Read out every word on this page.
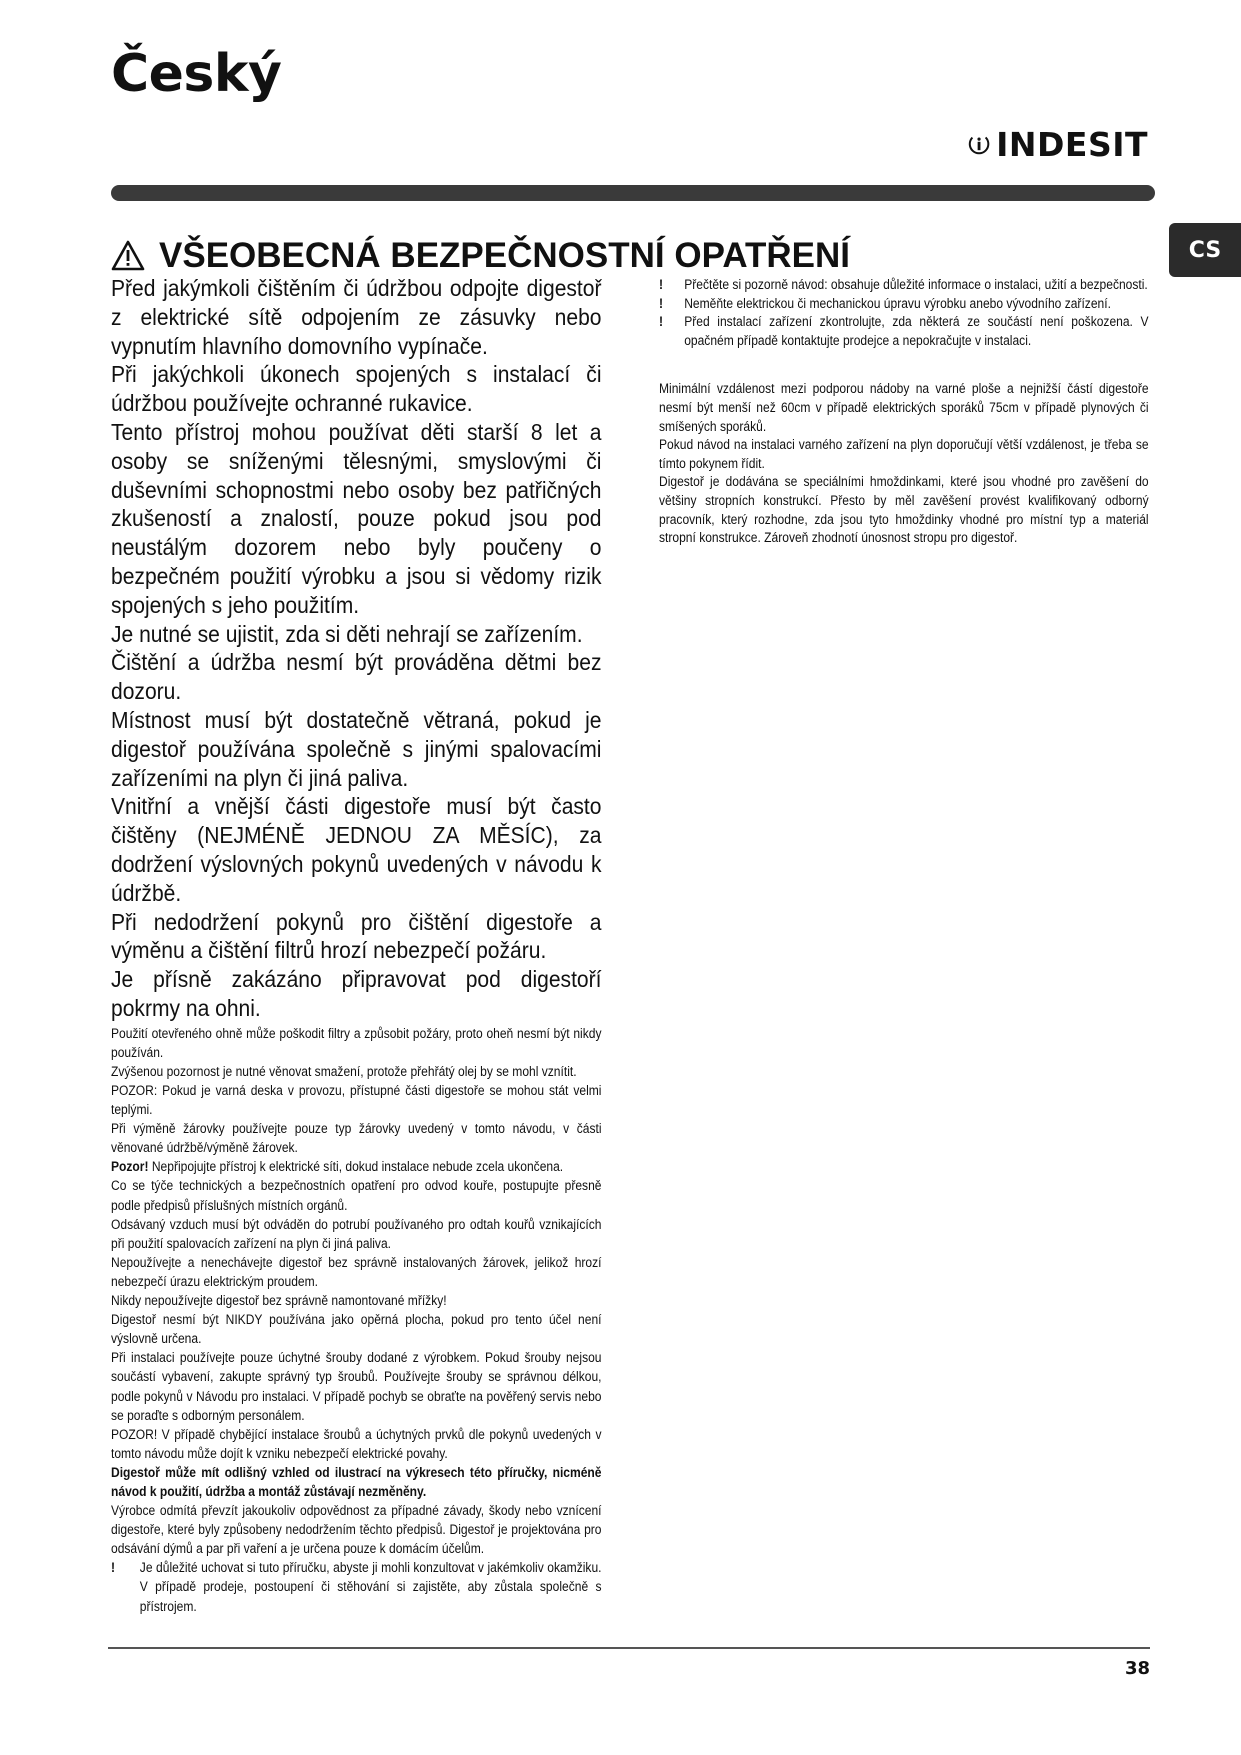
Český
INDESIT
CS
VŠEOBECNÁ BEZPEČNOSTNÍ OPATŘENÍ

Před jakýmkoli čištěním či údržbou odpojte digestoř z elektrické sítě odpojením ze zásuvky nebo vypnutím hlavního domovního vypínače.

Při jakýchkoli úkonech spojených s instalací či údržbou používejte ochranné rukavice.

Tento přístroj mohou používat děti starší 8 let a osoby se sníženými tělesnými, smyslovými či duševními schopnostmi nebo osoby bez patřičných zkušeností a znalostí, pouze pokud jsou pod neustálým dozorem nebo byly poučeny o bezpečném použití výrobku a jsou si vědomy rizik spojených s jeho použitím.

Je nutné se ujistit, zda si děti nehrají se zařízením.

Čištění a údržba nesmí být prováděna dětmi bez dozoru.

Místnost musí být dostatečně větraná, pokud je digestoř používána společně s jinými spalovacími zařízeními na plyn či jiná paliva.

Vnitřní a vnější části digestoře musí být často čištěny (NEJMÉNĚ JEDNOU ZA MĚSÍC), za dodržení výslovných pokynů uvedených v návodu k údržbě.

Při nedodržení pokynů pro čištění digestoře a výměnu a čištění filtrů hrozí nebezpečí požáru.

Je přísně zakázáno připravovat pod digestoří pokrmy na ohni.

Použití otevřeného ohně může poškodit filtry a způsobit požáry, proto oheň nesmí být nikdy používán.

Zvýšenou pozornost je nutné věnovat smažení, protože přehřátý olej by se mohl vznítit.

POZOR: Pokud je varná deska v provozu, přístupné části digestoře se mohou stát velmi teplými.

Při výměně žárovky používejte pouze typ žárovky uvedený v tomto návodu, v části věnované údržbě/výměně žárovek.

Pozor! Nepřipojujte přístroj k elektrické síti, dokud instalace nebude zcela ukončena.

Co se týče technických a bezpečnostních opatření pro odvod kouře, postupujte přesně podle předpisů příslušných místních orgánů.

Odsávaný vzduch musí být odváděn do potrubí používaného pro odtah kouřů vznikajících při použití spalovacích zařízení na plyn či jiná paliva.

Nepoužívejte a nenechávejte digestoř bez správně instalovaných žárovek, jelikož hrozí nebezpečí úrazu elektrickým proudem.

Nikdy nepoužívejte digestoř bez správně namontované mřížky!

Digestoř nesmí být NIKDY používána jako opěrná plocha, pokud pro tento účel není výslovně určena.

Při instalaci používejte pouze úchytné šrouby dodané z výrobkem. Pokud šrouby nejsou součástí vybavení, zakupte správný typ šroubů. Používejte šrouby se správnou délkou, podle pokynů v Návodu pro instalaci. V případě pochyb se obraťte na pověřený servis nebo se poraďte s odborným personálem.

POZOR! V případě chybějící instalace šroubů a úchytných prvků dle pokynů uvedených v tomto návodu může dojít k vzniku nebezpečí elektrické povahy.

Digestoř může mít odlišný vzhled od ilustrací na výkresech této příručky, nicméně návod k použití, údržba a montáž zůstávají nezměněny.

Výrobce odmítá převzít jakoukoliv odpovědnost za případné závady, škody nebo vznícení digestoře, které byly způsobeny nedodržením těchto předpisů. Digestoř je projektována pro odsávání dýmů a par při vaření a je určena pouze k domácím účelům.

!	Je důležité uchovat si tuto příručku, abyste ji mohli konzultovat v jakémkoliv okamžiku. V případě prodeje, postoupení či stěhování si zajistěte, aby zůstala společně s přístrojem.

!	Přečtěte si pozorně návod: obsahuje důležité informace o instalaci, užití a bezpečnosti.
!	Neměňte elektrickou či mechanickou úpravu výrobku anebo vývodního zařízení.
!	Před instalací zařízení zkontrolujte, zda některá ze součástí není poškozena. V opačném případě kontaktujte prodejce a nepokračujte v instalaci.

Minimální vzdálenost mezi podporou nádoby na varné ploše a nejnižší částí digestoře nesmí být menší než 60cm v případě elektrických sporáků 75cm v případě plynových či smíšených sporáků.

Pokud návod na instalaci varného zařízení na plyn doporučují větší vzdálenost, je třeba se tímto pokynem řídit.

Digestoř je dodávána se speciálními hmoždinkami, které jsou vhodné pro zavěšení do většiny stropních konstrukcí. Přesto by měl zavěšení provést kvalifikovaný odborný pracovník, který rozhodne, zda jsou tyto hmoždinky vhodné pro místní typ a materiál stropní konstrukce. Zároveň zhodnotí únosnost stropu pro digestoř.

38
